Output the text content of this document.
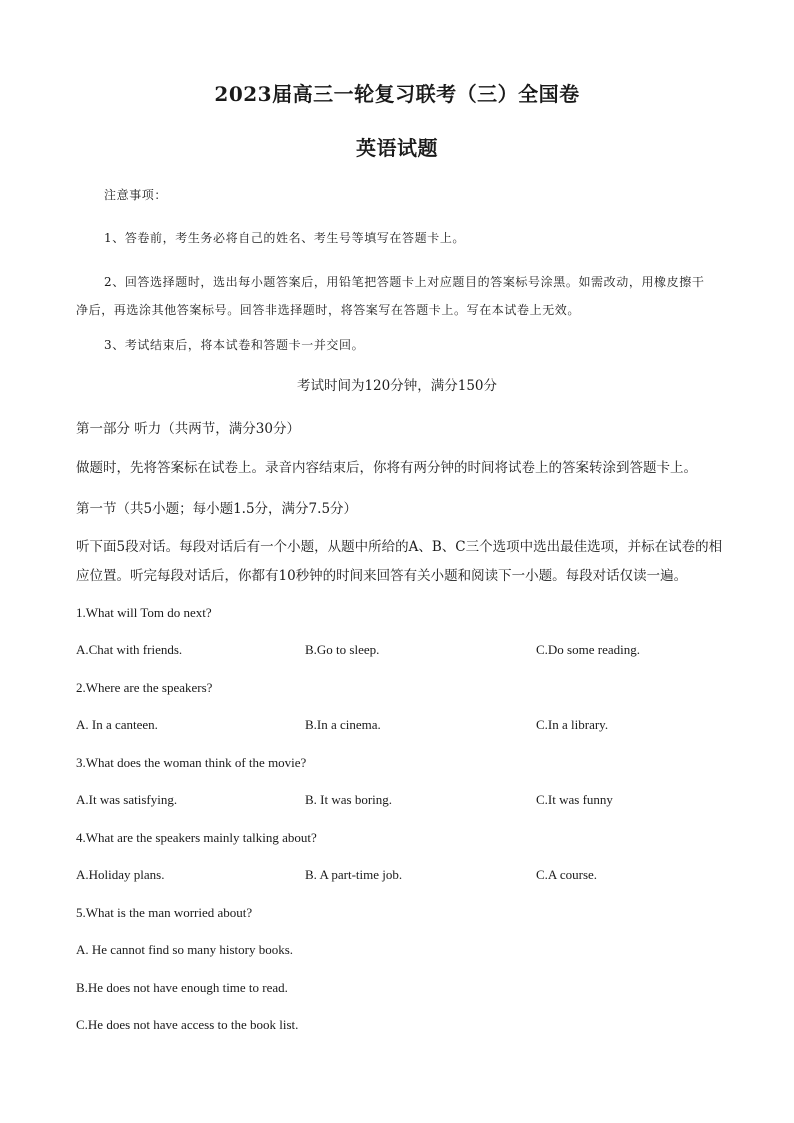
2023届高三一轮复习联考（三）全国卷
英语试题
注意事项：
1、答卷前，考生务必将自己的姓名、考生号等填写在答题卡上。
2、回答选择题时，选出每小题答案后，用铅笔把答题卡上对应题目的答案标号涂黑。如需改动，用橡皮擦干净后，再选涂其他答案标号。回答非选择题时，将答案写在答题卡上。写在本试卷上无效。
3、考试结束后，将本试卷和答题卡一并交回。
考试时间为120分钟，满分150分
第一部分 听力（共两节，满分30分）
做题时，先将答案标在试卷上。录音内容结束后，你将有两分钟的时间将试卷上的答案转涂到答题卡上。
第一节（共5小题；每小题1.5分，满分7.5分）
听下面5段对话。每段对话后有一个小题，从题中所给的A、B、C三个选项中选出最佳选项，并标在试卷的相应位置。听完每段对话后，你都有10秒钟的时间来回答有关小题和阅读下一小题。每段对话仅读一遍。
1.What will Tom do next?
A.Chat with friends.	B.Go to sleep.	C.Do some reading.
2.Where are the speakers?
A. In a canteen.	B.In a cinema.	C.In a library.
3.What does the woman think of the movie?
A.It was satisfying.	B. It was boring.	C.It was funny
4.What are the speakers mainly talking about?
A.Holiday plans.	B. A part-time job.	C.A course.
5.What is the man worried about?
A. He cannot find so many history books.
B.He does not have enough time to read.
C.He does not have access to the book list.
